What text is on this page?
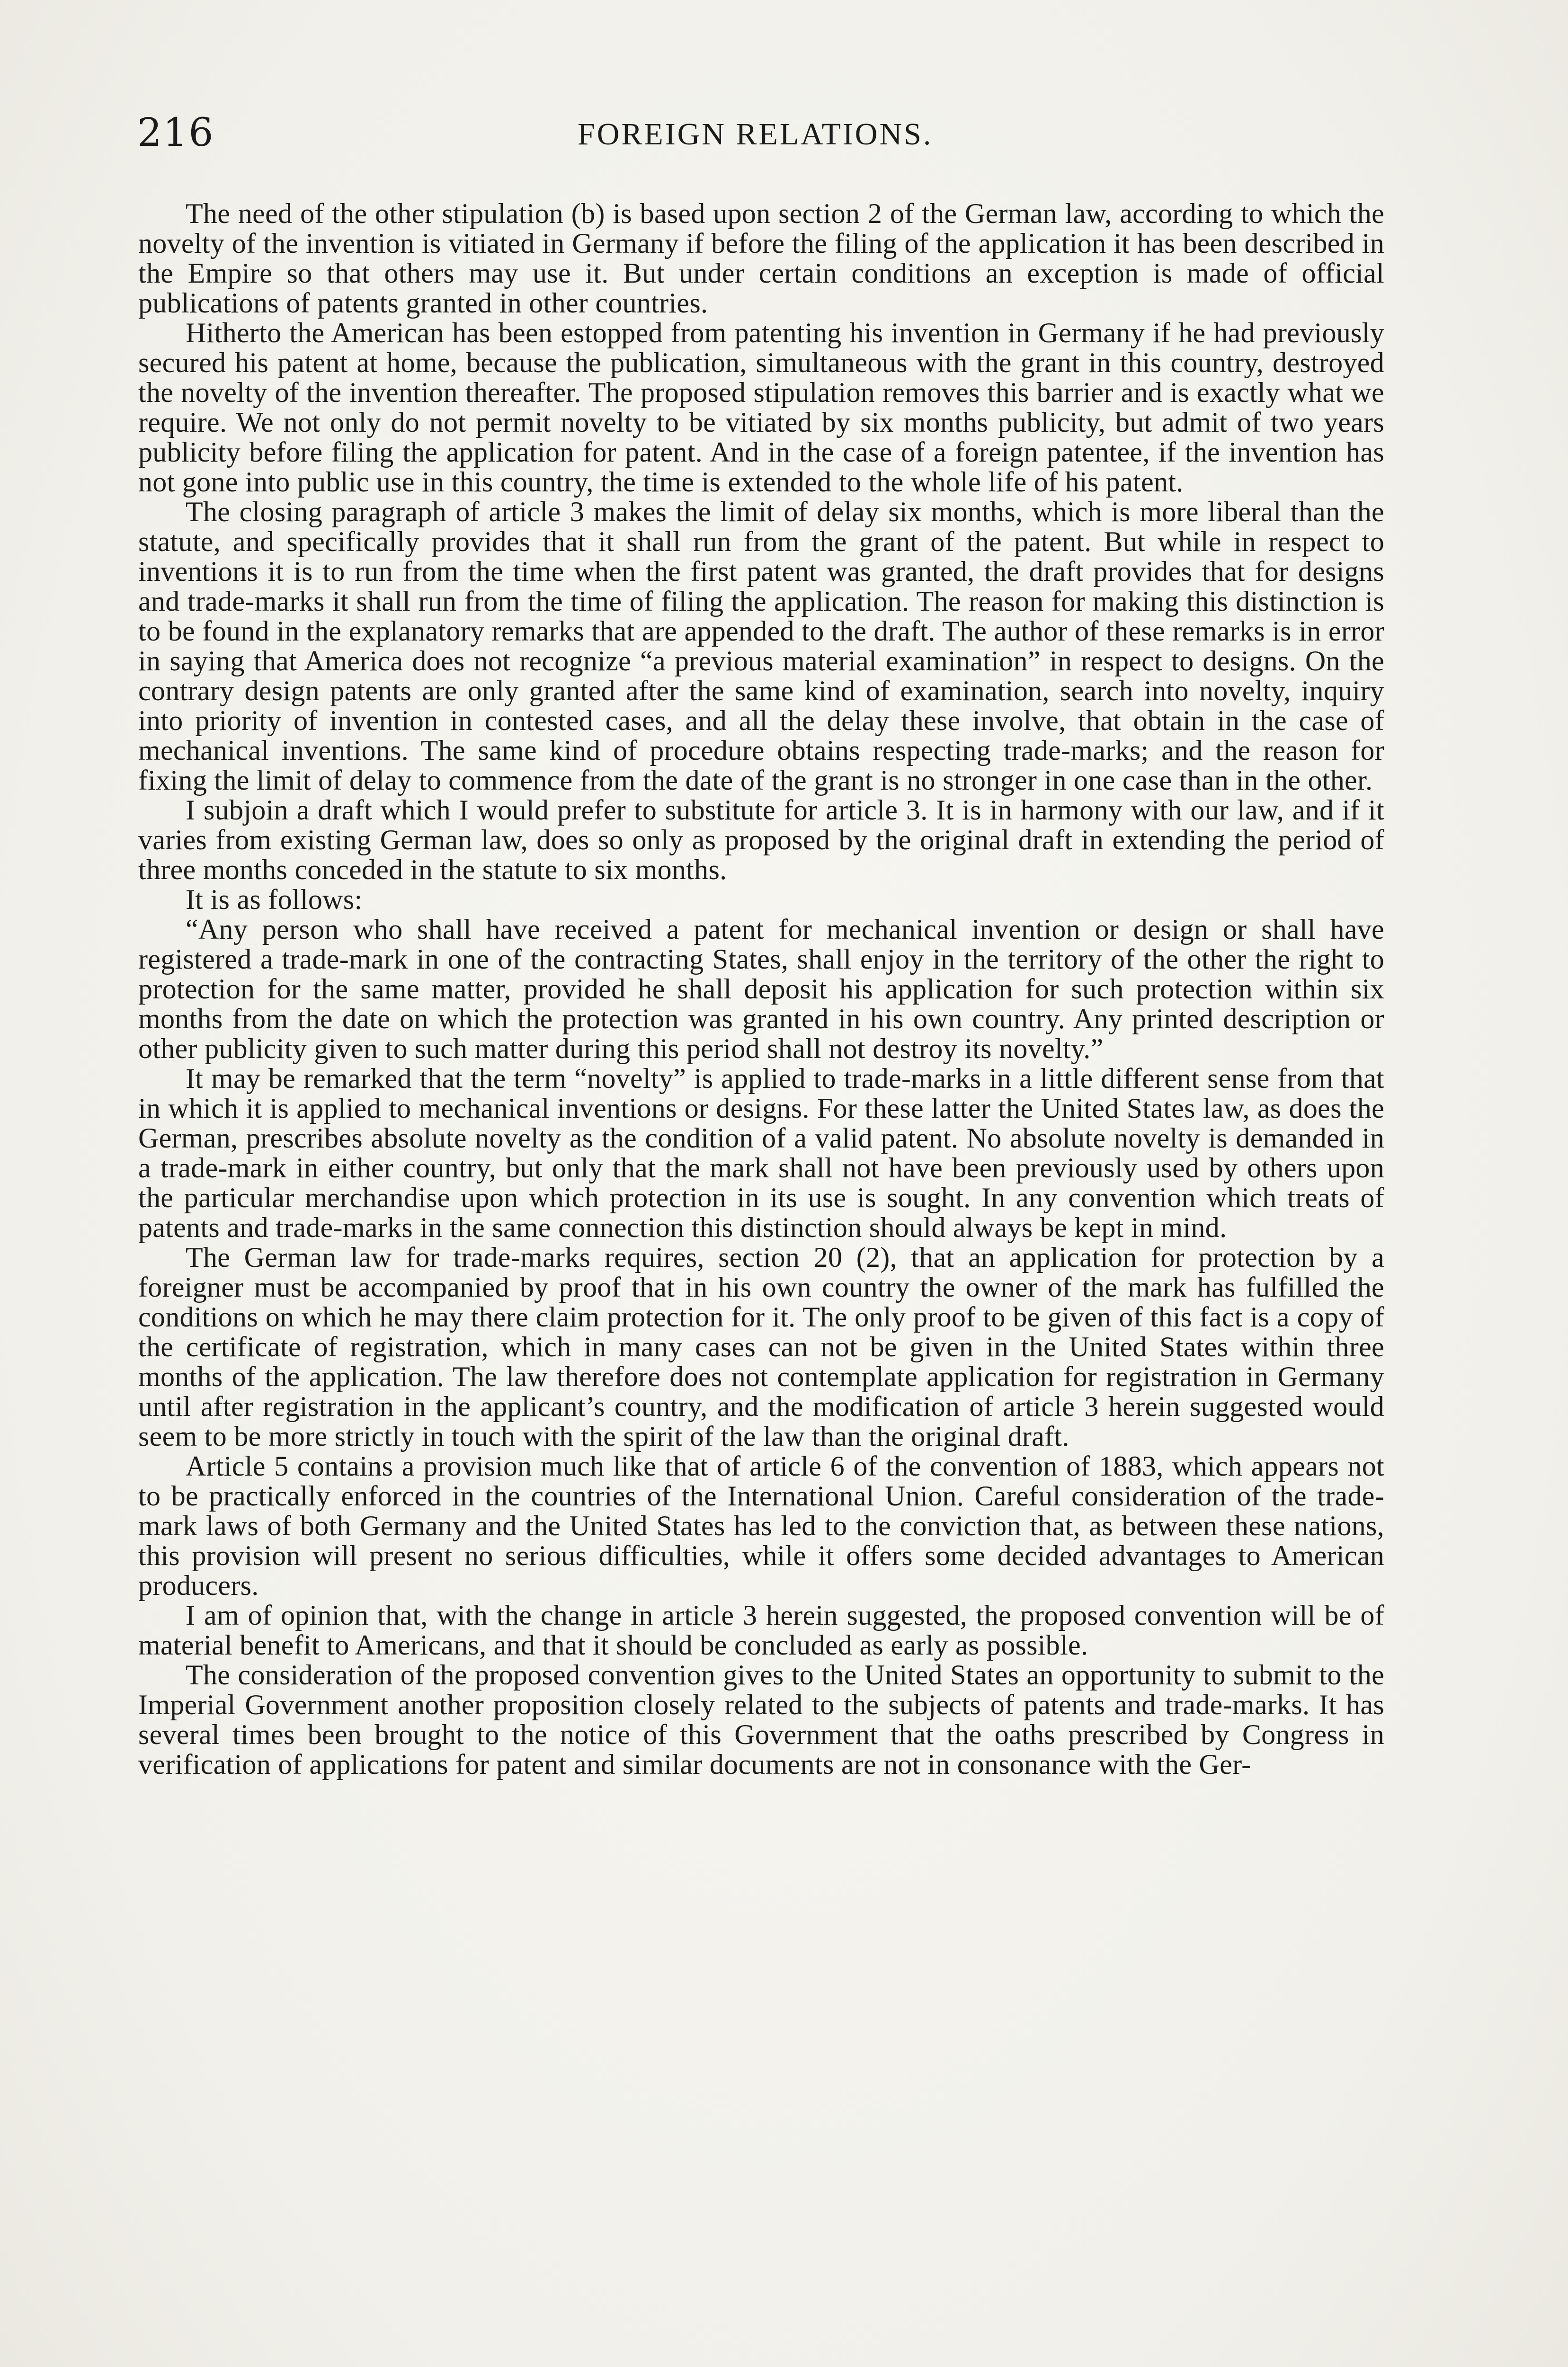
216	FOREIGN RELATIONS.

The need of the other stipulation (b) is based upon section 2 of the German law, according to which the novelty of the invention is vitiated in Germany if before the filing of the application it has been described in the Empire so that others may use it. But under certain conditions an exception is made of official publications of patents granted in other countries.

Hitherto the American has been estopped from patenting his invention in Germany if he had previously secured his patent at home, because the publication, simultaneous with the grant in this country, destroyed the novelty of the invention thereafter. The proposed stipulation removes this barrier and is exactly what we require. We not only do not permit novelty to be vitiated by six months publicity, but admit of two years publicity before filing the application for patent. And in the case of a foreign patentee, if the invention has not gone into public use in this country, the time is extended to the whole life of his patent.

The closing paragraph of article 3 makes the limit of delay six months, which is more liberal than the statute, and specifically provides that it shall run from the grant of the patent. But while in respect to inventions it is to run from the time when the first patent was granted, the draft provides that for designs and trade-marks it shall run from the time of filing the application. The reason for making this distinction is to be found in the explanatory remarks that are appended to the draft. The author of these remarks is in error in saying that America does not recognize “a previous material examination” in respect to designs. On the contrary design patents are only granted after the same kind of examination, search into novelty, inquiry into priority of invention in contested cases, and all the delay these involve, that obtain in the case of mechanical inventions. The same kind of procedure obtains respecting trade-marks; and the reason for fixing the limit of delay to commence from the date of the grant is no stronger in one case than in the other.

I subjoin a draft which I would prefer to substitute for article 3. It is in harmony with our law, and if it varies from existing German law, does so only as proposed by the original draft in extending the period of three months conceded in the statute to six months.

It is as follows:

“Any person who shall have received a patent for mechanical invention or design or shall have registered a trade-mark in one of the contracting States, shall enjoy in the territory of the other the right to protection for the same matter, provided he shall deposit his application for such protection within six months from the date on which the protection was granted in his own country. Any printed description or other publicity given to such matter during this period shall not destroy its novelty.”

It may be remarked that the term “novelty” is applied to trade-marks in a little different sense from that in which it is applied to mechanical inventions or designs. For these latter the United States law, as does the German, prescribes absolute novelty as the condition of a valid patent. No absolute novelty is demanded in a trade-mark in either country, but only that the mark shall not have been previously used by others upon the particular merchandise upon which protection in its use is sought. In any convention which treats of patents and trade-marks in the same connection this distinction should always be kept in mind.

The German law for trade-marks requires, section 20 (2), that an application for protection by a foreigner must be accompanied by proof that in his own country the owner of the mark has fulfilled the conditions on which he may there claim protection for it. The only proof to be given of this fact is a copy of the certificate of registration, which in many cases can not be given in the United States within three months of the application. The law therefore does not contemplate application for registration in Germany until after registration in the applicant’s country, and the modification of article 3 herein suggested would seem to be more strictly in touch with the spirit of the law than the original draft.

Article 5 contains a provision much like that of article 6 of the convention of 1883, which appears not to be practically enforced in the countries of the International Union. Careful consideration of the trade-mark laws of both Germany and the United States has led to the conviction that, as between these nations, this provision will present no serious difficulties, while it offers some decided advantages to American producers.

I am of opinion that, with the change in article 3 herein suggested, the proposed convention will be of material benefit to Americans, and that it should be concluded as early as possible.

The consideration of the proposed convention gives to the United States an opportunity to submit to the Imperial Government another proposition closely related to the subjects of patents and trade-marks. It has several times been brought to the notice of this Government that the oaths prescribed by Congress in verification of applications for patent and similar documents are not in consonance with the Ger-
